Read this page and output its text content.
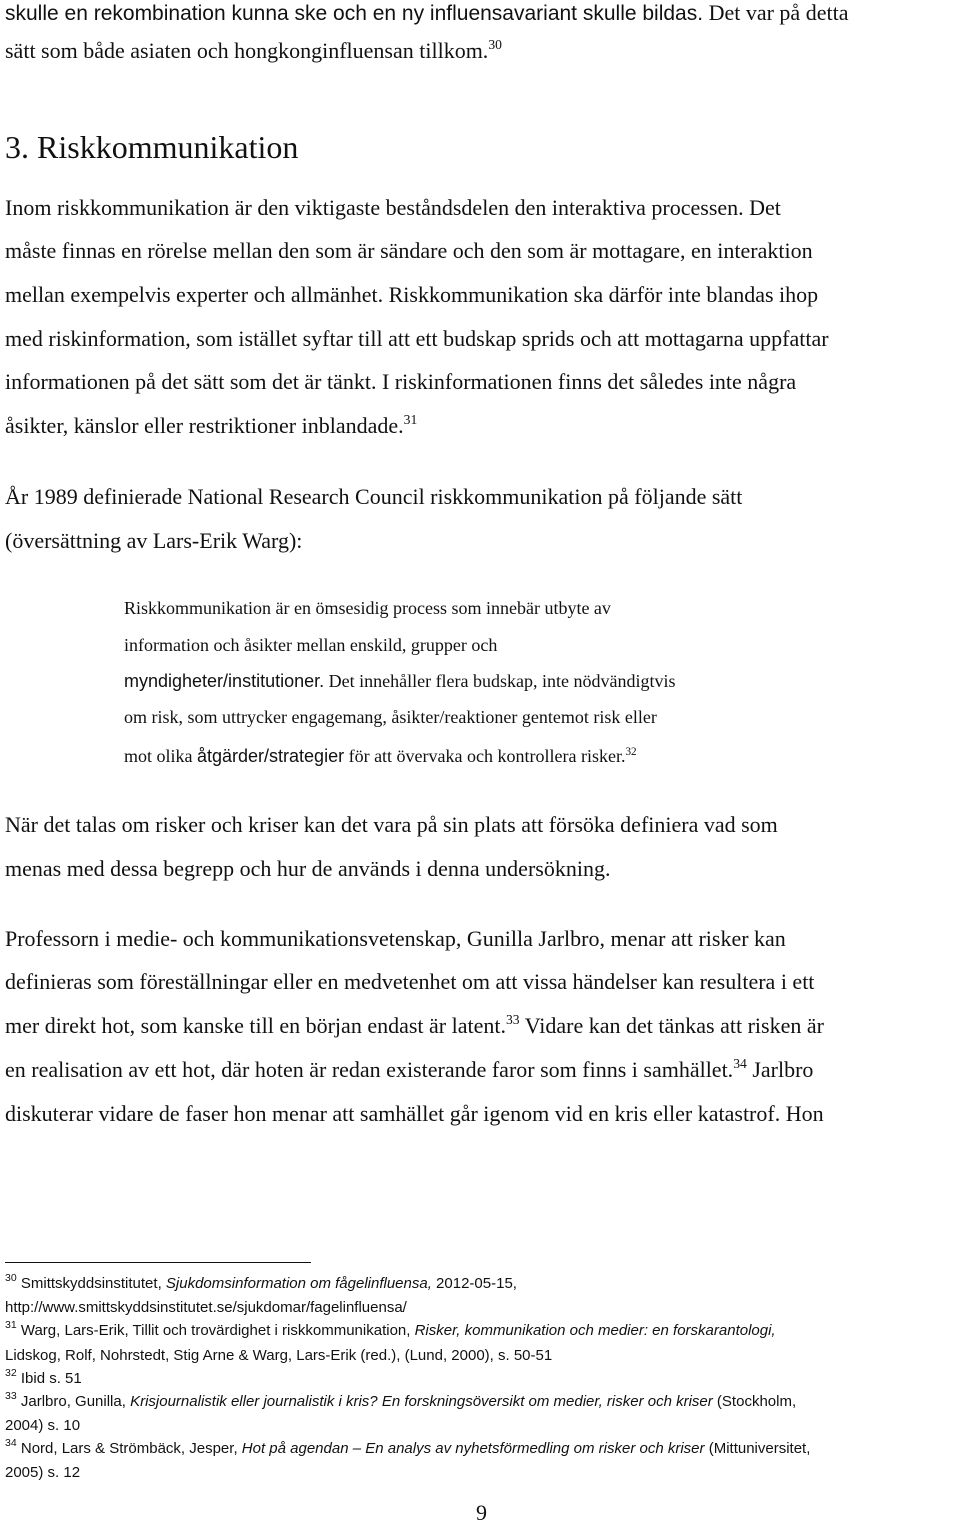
skulle en rekombination kunna ske och en ny influensavariant skulle bildas. Det var på detta
sätt som både asiaten och hongkonginfluensan tillkom.$^{30}$
3. Riskkommunikation
Inom riskkommunikation är den viktigaste beståndsdelen den interaktiva processen. Det
måste finnas en rörelse mellan den som är sändare och den som är mottagare, en interaktion
mellan exempelvis experter och allmänhet. Riskkommunikation ska därför inte blandas ihop
med riskinformation, som istället syftar till att ett budskap sprids och att mottagarna uppfattar
informationen på det sätt som det är tänkt. I riskinformationen finns det således inte några
åsikter, känslor eller restriktioner inblandade.$^{31}$
År 1989 definierade National Research Council riskkommunikation på följande sätt
(översättning av Lars-Erik Warg):
Riskkommunikation är en ömsesidig process som innebär utbyte av
information och åsikter mellan enskild, grupper och
myndigheter/institutioner. Det innehåller flera budskap, inte nödvändigtvis
om risk, som uttrycker engagemang, åsikter/reaktioner gentemot risk eller
mot olika åtgärder/strategier för att övervaka och kontrollera risker.$^{32}$
När det talas om risker och kriser kan det vara på sin plats att försöka definiera vad som
menas med dessa begrepp och hur de används i denna undersökning.
Professorn i medie- och kommunikationsvetenskap, Gunilla Jarlbro, menar att risker kan
definieras som föreställningar eller en medvetenhet om att vissa händelser kan resultera i ett
mer direkt hot, som kanske till en början endast är latent.$^{33}$ Vidare kan det tänkas att risken är
en realisation av ett hot, där hoten är redan existerande faror som finns i samhället.$^{34}$ Jarlbro
diskuterar vidare de faser hon menar att samhället går igenom vid en kris eller katastrof. Hon
$^{30}$ Smittskyddsinstitutet, Sjukdomsinformation om fågelinfluensa, 2012-05-15,
http://www.smittskyddsinstitutet.se/sjukdomar/fagelinfluensa/
$^{31}$ Warg, Lars-Erik, Tillit och trovärdighet i riskkommunikation, Risker, kommunikation och medier: en forskarantologi,
Lidskog, Rolf, Nohrstedt, Stig Arne & Warg, Lars-Erik (red.), (Lund, 2000), s. 50-51
$^{32}$ Ibid s. 51
$^{33}$ Jarlbro, Gunilla, Krisjournalistik eller journalistik i kris? En forskningsöversikt om medier, risker och kriser (Stockholm,
2004) s. 10
$^{34}$ Nord, Lars & Strömbäck, Jesper, Hot på agendan – En analys av nyhetsförmedling om risker och kriser (Mittuniversitet,
2005) s. 12
9
